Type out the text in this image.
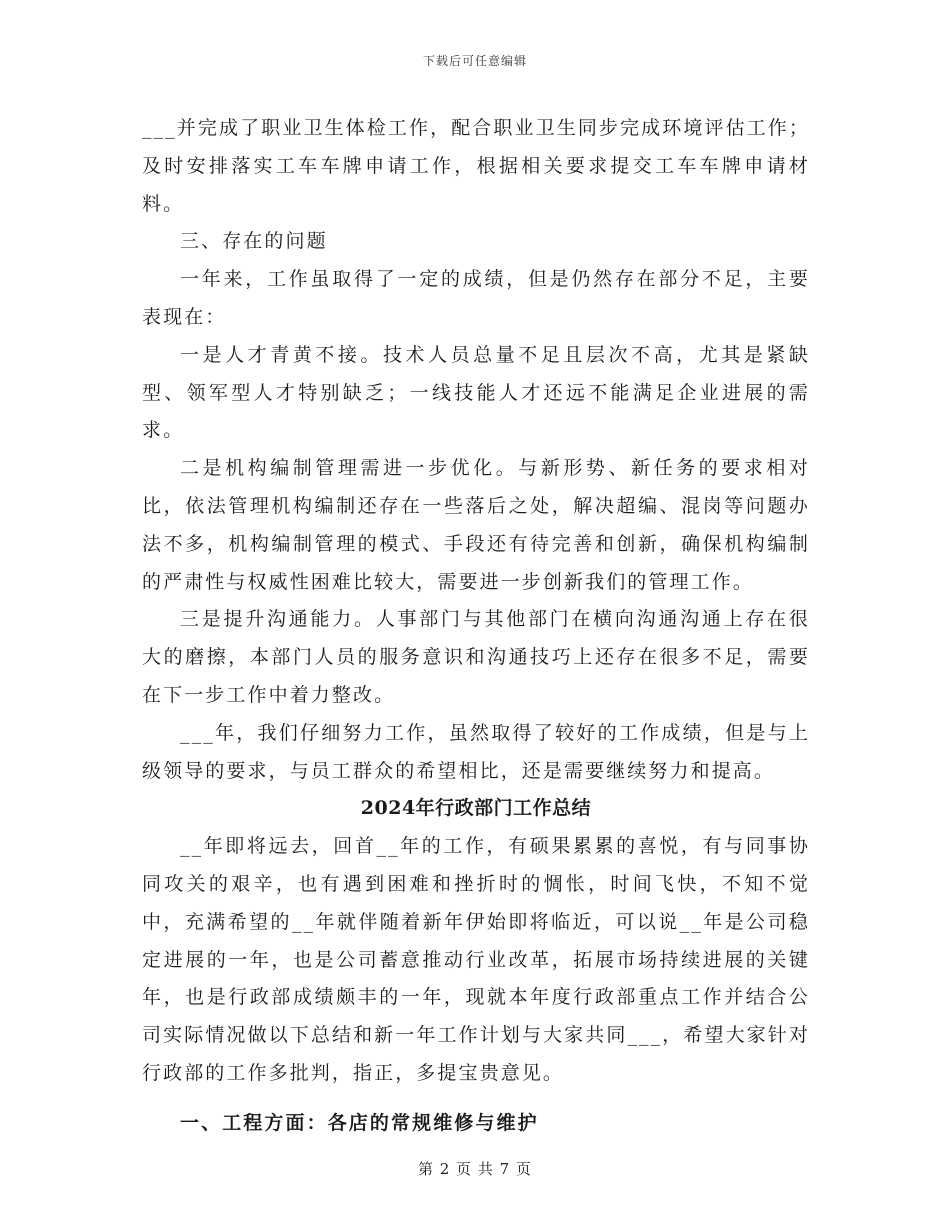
下载后可任意编辑

___并完成了职业卫生体检工作，配合职业卫生同步完成环境评估工作；及时安排落实工车车牌申请工作，根据相关要求提交工车车牌申请材料。

三、存在的问题

一年来，工作虽取得了一定的成绩，但是仍然存在部分不足，主要表现在：

一是人才青黄不接。技术人员总量不足且层次不高，尤其是紧缺型、领军型人才特别缺乏；一线技能人才还远不能满足企业进展的需求。

二是机构编制管理需进一步优化。与新形势、新任务的要求相对比，依法管理机构编制还存在一些落后之处，解决超编、混岗等问题办法不多，机构编制管理的模式、手段还有待完善和创新，确保机构编制的严肃性与权威性困难比较大，需要进一步创新我们的管理工作。

三是提升沟通能力。人事部门与其他部门在横向沟通沟通上存在很大的磨擦，本部门人员的服务意识和沟通技巧上还存在很多不足，需要在下一步工作中着力整改。

___年，我们仔细努力工作，虽然取得了较好的工作成绩，但是与上级领导的要求，与员工群众的希望相比，还是需要继续努力和提高。

2024年行政部门工作总结

__年即将远去，回首__年的工作，有硕果累累的喜悦，有与同事协同攻关的艰辛，也有遇到困难和挫折时的惆怅，时间飞快，不知不觉中，充满希望的__年就伴随着新年伊始即将临近，可以说__年是公司稳定进展的一年，也是公司蓄意推动行业改革，拓展市场持续进展的关键年，也是行政部成绩颇丰的一年，现就本年度行政部重点工作并结合公司实际情况做以下总结和新一年工作计划与大家共同___，希望大家针对行政部的工作多批判，指正，多提宝贵意见。

一、工程方面：各店的常规维修与维护

第 2 页 共 7 页
